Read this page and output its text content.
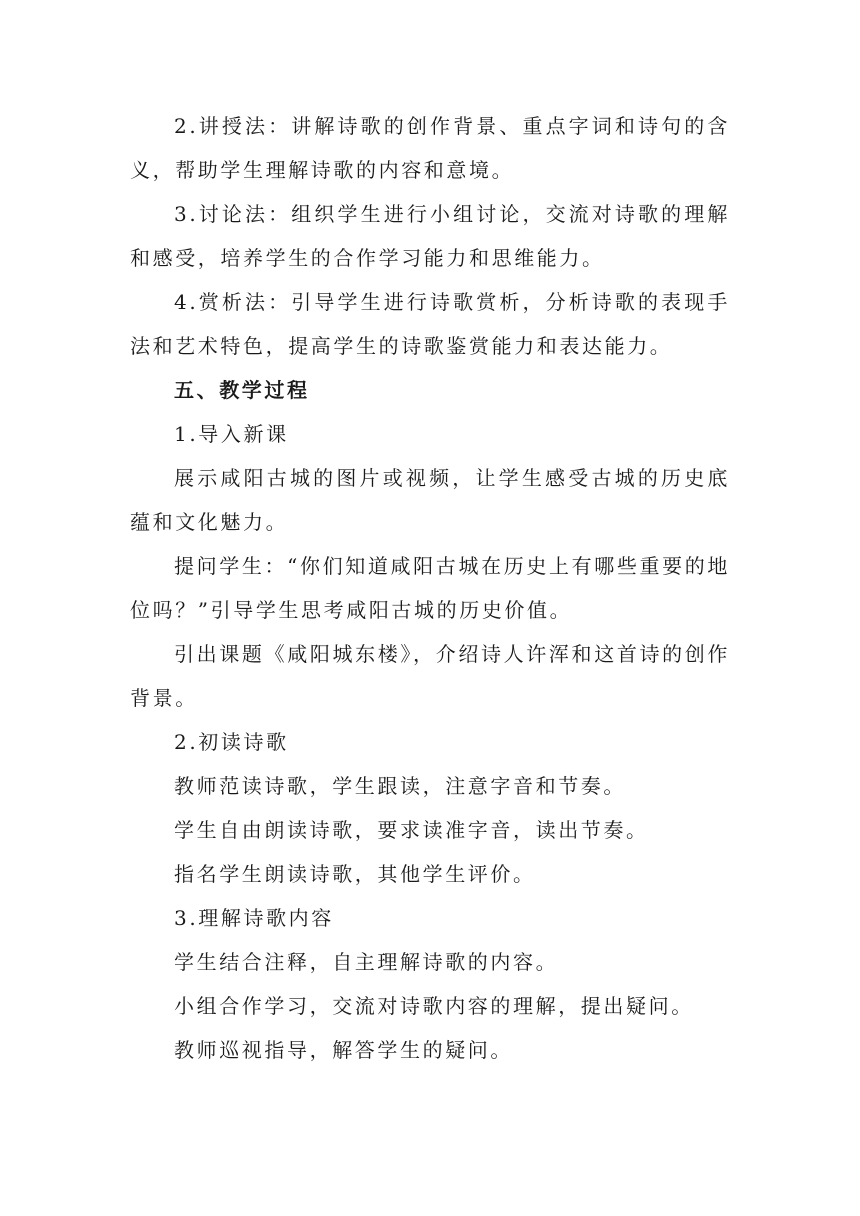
2.讲授法：讲解诗歌的创作背景、重点字词和诗句的含义，帮助学生理解诗歌的内容和意境。

3.讨论法：组织学生进行小组讨论，交流对诗歌的理解和感受，培养学生的合作学习能力和思维能力。

4.赏析法：引导学生进行诗歌赏析，分析诗歌的表现手法和艺术特色，提高学生的诗歌鉴赏能力和表达能力。

五、教学过程

1.导入新课

展示咸阳古城的图片或视频，让学生感受古城的历史底蕴和文化魅力。

提问学生：“你们知道咸阳古城在历史上有哪些重要的地位吗？”引导学生思考咸阳古城的历史价值。

引出课题《咸阳城东楼》，介绍诗人许浑和这首诗的创作背景。

2.初读诗歌

教师范读诗歌，学生跟读，注意字音和节奏。

学生自由朗读诗歌，要求读准字音，读出节奏。

指名学生朗读诗歌，其他学生评价。

3.理解诗歌内容

学生结合注释，自主理解诗歌的内容。

小组合作学习，交流对诗歌内容的理解，提出疑问。

教师巡视指导，解答学生的疑问。
